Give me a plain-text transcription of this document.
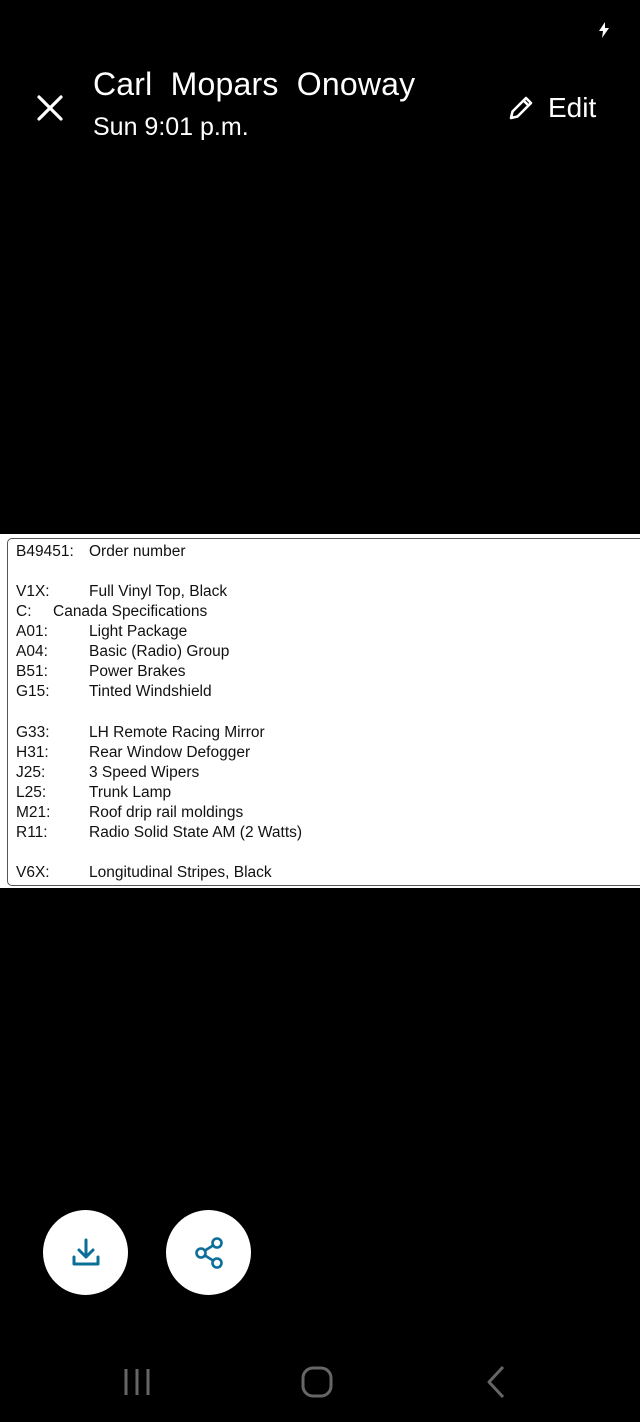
Carl  Mopars  Onoway
Sun 9:01 p.m.
Edit
B49451: Order number
V1X:	Full Vinyl Top, Black
C: Canada Specifications
A01:	Light Package
A04:	Basic (Radio) Group
B51:	Power Brakes
G15:	Tinted Windshield
G33:	LH Remote Racing Mirror
H31:	Rear Window Defogger
J25:	3 Speed Wipers
L25:	Trunk Lamp
M21: Roof drip rail moldings
R11:	Radio Solid State AM (2 Watts)
V6X:	Longitudinal Stripes, Black
